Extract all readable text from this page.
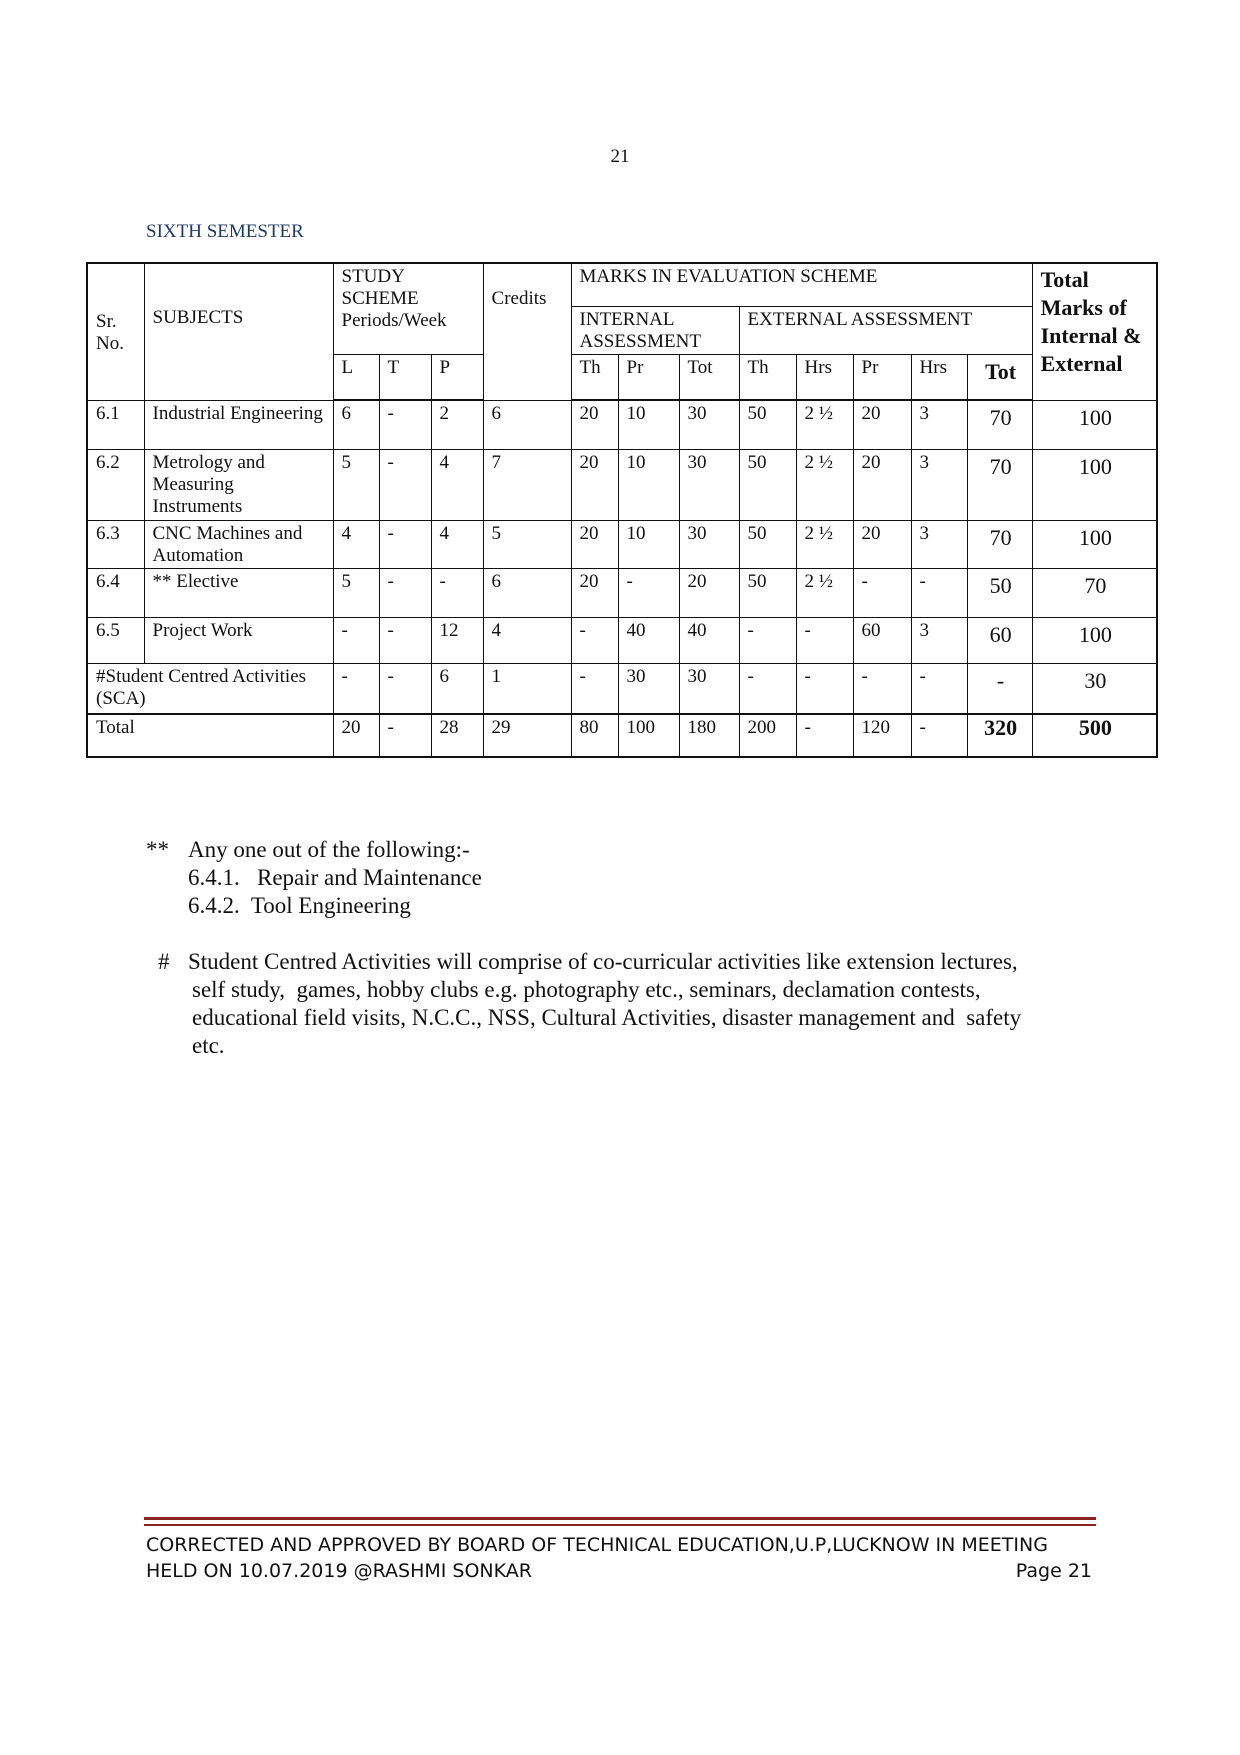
21
SIXTH SEMESTER
Sr. No.	SUBJECTS	STUDY SCHEME Periods/Week			Credits	MARKS IN EVALUATION SCHEME								Total Marks of Internal & External
						INTERNAL ASSESSMENT			EXTERNAL ASSESSMENT					
		L	T	P		Th	Pr	Tot	Th	Hrs	Pr	Hrs	Tot	
6.1	Industrial Engineering	6	-	2	6	20	10	30	50	2 ½	20	3	70	100
6.2	Metrology and Measuring Instruments	5	-	4	7	20	10	30	50	2 ½	20	3	70	100
6.3	CNC Machines and Automation	4	-	4	5	20	10	30	50	2 ½	20	3	70	100
6.4	** Elective	5	-	-	6	20	-	20	50	2 ½	-	-	50	70
6.5	Project Work	-	-	12	4	-	40	40	-	-	60	3	60	100
#Student Centred Activities (SCA)		-	-	6	1	-	30	30	-	-	-	-	-	30
Total		20	-	28	29	80	100	180	200	-	120	-	320	500
** Any one out of the following:-
6.4.1.   Repair and Maintenance
6.4.2.  Tool Engineering
# Student Centred Activities will comprise of co-curricular activities like extension lectures,
self study,  games, hobby clubs e.g. photography etc., seminars, declamation contests,
educational field visits, N.C.C., NSS, Cultural Activities, disaster management and  safety
etc.
CORRECTED AND APPROVED BY BOARD OF TECHNICAL EDUCATION,U.P,LUCKNOW IN MEETING
HELD ON 10.07.2019 @RASHMI SONKAR	Page 21
